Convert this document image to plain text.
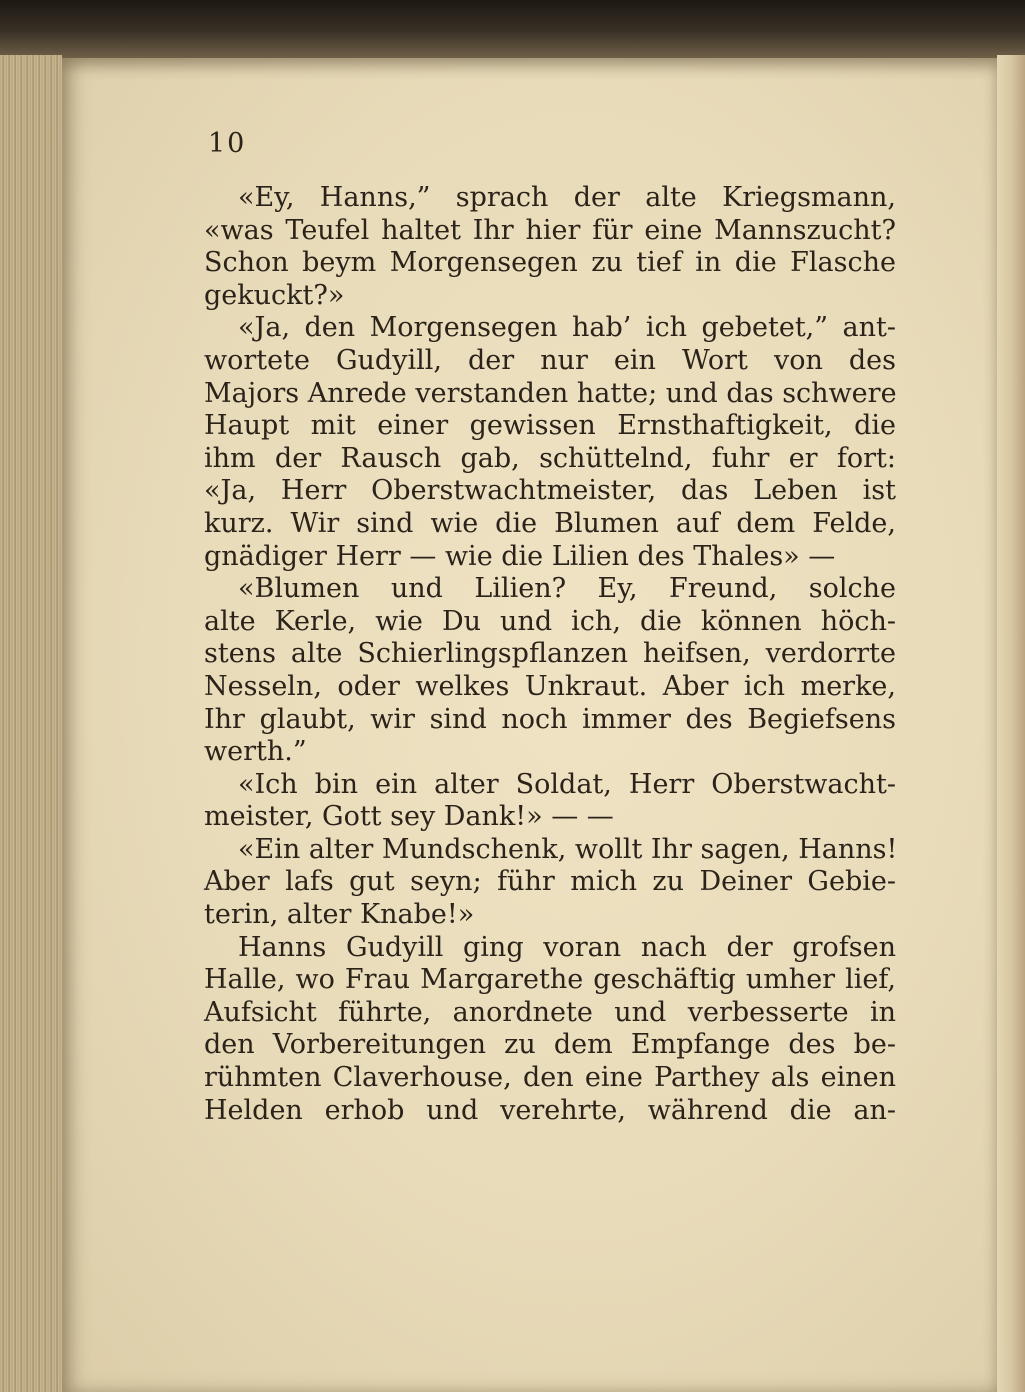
10
«Ey, Hanns,” sprach der alte Kriegsmann,
«was Teufel haltet Ihr hier für eine Mannszucht?
Schon beym Morgensegen zu tief in die Flasche
gekuckt?»
«Ja, den Morgensegen hab’ ich gebetet,” ant-
wortete Gudyill, der nur ein Wort von des
Majors Anrede verstanden hatte; und das schwere
Haupt mit einer gewissen Ernsthaftigkeit, die
ihm der Rausch gab, schüttelnd, fuhr er fort:
«Ja, Herr Oberstwachtmeister, das Leben ist
kurz. Wir sind wie die Blumen auf dem Felde,
gnädiger Herr — wie die Lilien des Thales» —
«Blumen und Lilien? Ey, Freund, solche
alte Kerle, wie Du und ich, die können höch-
stens alte Schierlingspflanzen heifsen, verdorrte
Nesseln, oder welkes Unkraut. Aber ich merke,
Ihr glaubt, wir sind noch immer des Begiefsens
werth.”
«Ich bin ein alter Soldat, Herr Oberstwacht-
meister, Gott sey Dank!» — —
«Ein alter Mundschenk, wollt Ihr sagen, Hanns!
Aber lafs gut seyn; führ mich zu Deiner Gebie-
terin, alter Knabe!»
Hanns Gudyill ging voran nach der grofsen
Halle, wo Frau Margarethe geschäftig umher lief,
Aufsicht führte, anordnete und verbesserte in
den Vorbereitungen zu dem Empfange des be-
rühmten Claverhouse, den eine Parthey als einen
Helden erhob und verehrte, während die an-
